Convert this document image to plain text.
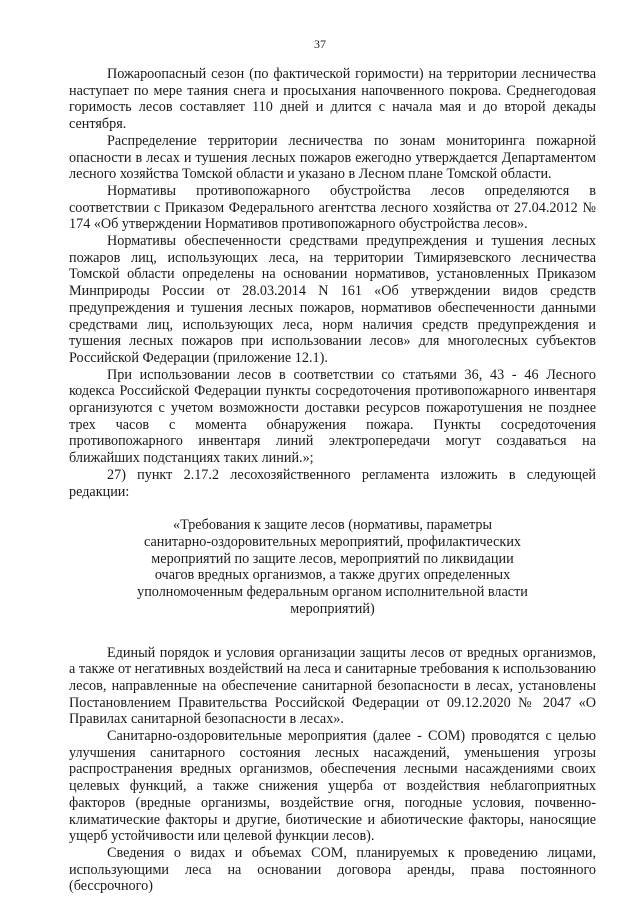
37

Пожароопасный сезон (по фактической горимости) на территории лесничества наступает по мере таяния снега и просыхания напочвенного покрова. Среднегодовая горимость лесов составляет 110 дней и длится с начала мая и до второй декады сентября.

Распределение территории лесничества по зонам мониторинга пожарной опасности в лесах и тушения лесных пожаров ежегодно утверждается Департаментом лесного хозяйства Томской области и указано в Лесном плане Томской области.

Нормативы противопожарного обустройства лесов определяются в соответствии с Приказом Федерального агентства лесного хозяйства от 27.04.2012 № 174 «Об утверждении Нормативов противопожарного обустройства лесов».

Нормативы обеспеченности средствами предупреждения и тушения лесных пожаров лиц, использующих леса, на территории Тимирязевского лесничества Томской области определены на основании нормативов, установленных Приказом Минприроды России от 28.03.2014 N 161 «Об утверждении видов средств предупреждения и тушения лесных пожаров, нормативов обеспеченности данными средствами лиц, использующих леса, норм наличия средств предупреждения и тушения лесных пожаров при использовании лесов» для многолесных субъектов Российской Федерации (приложение 12.1).

При использовании лесов в соответствии со статьями 36, 43 - 46 Лесного кодекса Российской Федерации пункты сосредоточения противопожарного инвентаря организуются с учетом возможности доставки ресурсов пожаротушения не позднее трех часов с момента обнаружения пожара. Пункты сосредоточения противопожарного инвентаря линий электропередачи могут создаваться на ближайших подстанциях таких линий.»;

27) пункт 2.17.2 лесохозяйственного регламента изложить в следующей редакции:

«Требования к защите лесов (нормативы, параметры
санитарно-оздоровительных мероприятий, профилактических
мероприятий по защите лесов, мероприятий по ликвидации
очагов вредных организмов, а также других определенных
уполномоченным федеральным органом исполнительной власти
мероприятий)

Единый порядок и условия организации защиты лесов от вредных организмов, а также от негативных воздействий на леса и санитарные требования к использованию лесов, направленные на обеспечение санитарной безопасности в лесах, установлены Постановлением Правительства Российской Федерации от 09.12.2020 № 2047 «О Правилах санитарной безопасности в лесах».

Санитарно-оздоровительные мероприятия (далее - СОМ) проводятся с целью улучшения санитарного состояния лесных насаждений, уменьшения угрозы распространения вредных организмов, обеспечения лесными насаждениями своих целевых функций, а также снижения ущерба от воздействия неблагоприятных факторов (вредные организмы, воздействие огня, погодные условия, почвенно-климатические факторы и другие, биотические и абиотические факторы, наносящие ущерб устойчивости или целевой функции лесов).

Сведения о видах и объемах СОМ, планируемых к проведению лицами, использующими леса на основании договора аренды, права постоянного (бессрочного)
